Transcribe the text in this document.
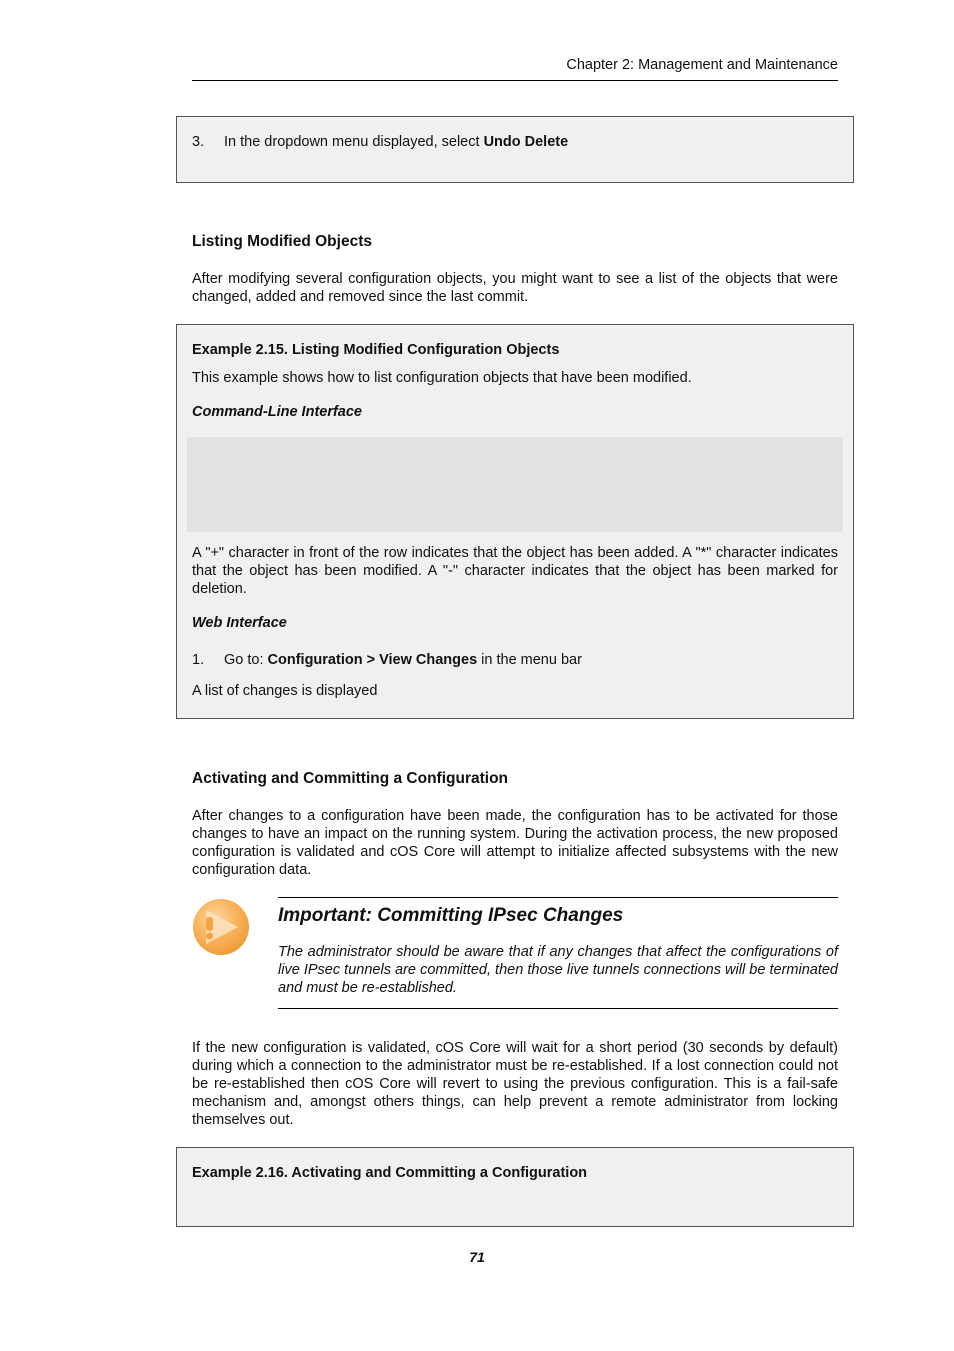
Chapter 2: Management and Maintenance
3. In the dropdown menu displayed, select Undo Delete
Listing Modified Objects
After modifying several configuration objects, you might want to see a list of the objects that were changed, added and removed since the last commit.
Example 2.15. Listing Modified Configuration Objects
This example shows how to list configuration objects that have been modified.
Command-Line Interface
A "+" character in front of the row indicates that the object has been added. A "*" character indicates that the object has been modified. A "-" character indicates that the object has been marked for deletion.
Web Interface
1. Go to: Configuration > View Changes in the menu bar
A list of changes is displayed
Activating and Committing a Configuration
After changes to a configuration have been made, the configuration has to be activated for those changes to have an impact on the running system. During the activation process, the new proposed configuration is validated and cOS Core will attempt to initialize affected subsystems with the new configuration data.
Important: Committing IPsec Changes
The administrator should be aware that if any changes that affect the configurations of live IPsec tunnels are committed, then those live tunnels connections will be terminated and must be re-established.
If the new configuration is validated, cOS Core will wait for a short period (30 seconds by default) during which a connection to the administrator must be re-established. If a lost connection could not be re-established then cOS Core will revert to using the previous configuration. This is a fail-safe mechanism and, amongst others things, can help prevent a remote administrator from locking themselves out.
Example 2.16. Activating and Committing a Configuration
71
